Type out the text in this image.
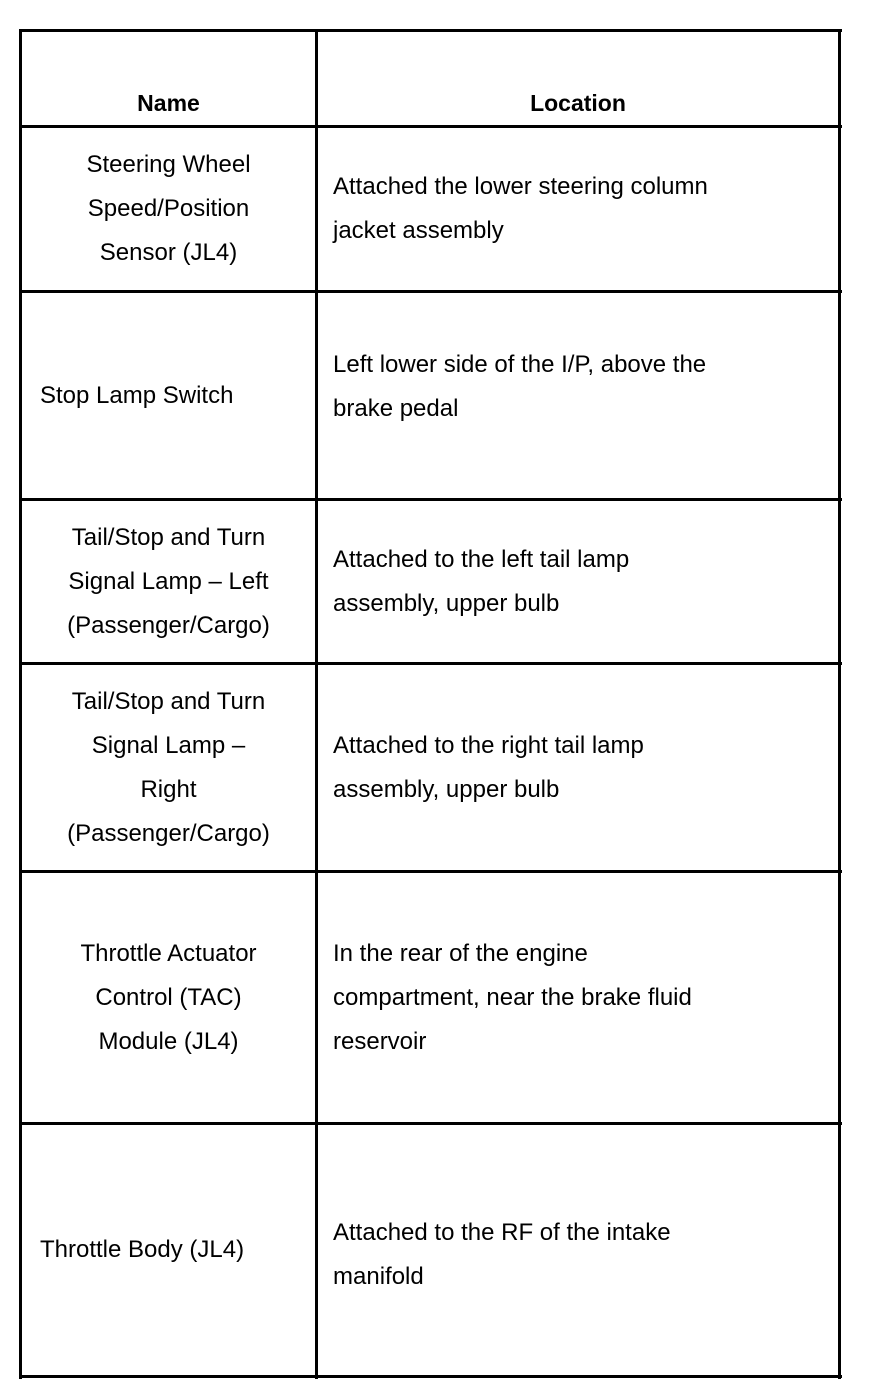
Name	Location
Steering Wheel
Speed/Position
Sensor (JL4)
Attached the lower steering column
jacket assembly
Stop Lamp Switch
Left lower side of the I/P, above the
brake pedal
Tail/Stop and Turn
Signal Lamp – Left
(Passenger/Cargo)
Attached to the left tail lamp
assembly, upper bulb
Tail/Stop and Turn
Signal Lamp –
Right
(Passenger/Cargo)
Attached to the right tail lamp
assembly, upper bulb
Throttle Actuator
Control (TAC)
Module (JL4)
In the rear of the engine
compartment, near the brake fluid
reservoir
Throttle Body (JL4)
Attached to the RF of the intake
manifold
